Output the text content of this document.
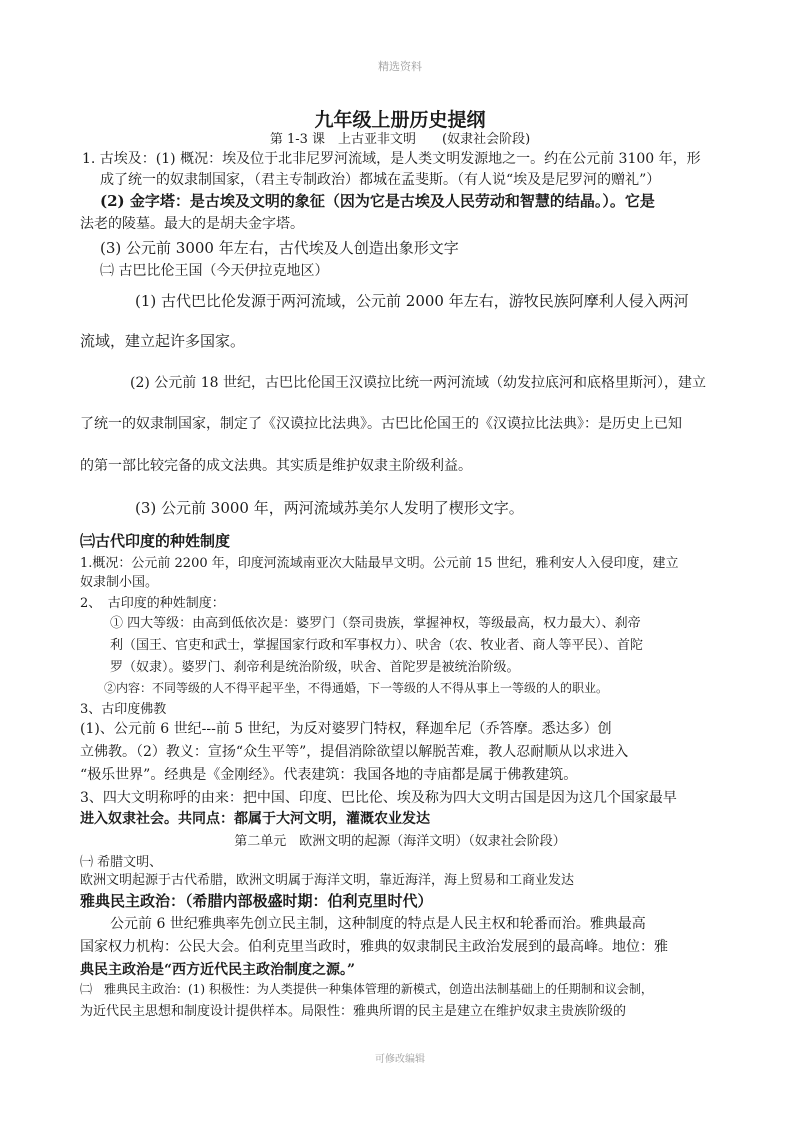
精选资料
九年级上册历史提纲
第 1-3 课　上古亚非文明　　(奴隶社会阶段)
1. 古埃及：(1) 概况：埃及位于北非尼罗河流域，是人类文明发源地之一。约在公元前 3100 年，形
成了统一的奴隶制国家，（君主专制政治）都城在孟斐斯。（有人说“埃及是尼罗河的赠礼”）
(2) 金字塔：是古埃及文明的象征（因为它是古埃及人民劳动和智慧的结晶。）。它是
法老的陵墓。最大的是胡夫金字塔。
(3) 公元前 3000 年左右，古代埃及人创造出象形文字
㈡ 古巴比伦王国（今天伊拉克地区）
(1) 古代巴比伦发源于两河流域，公元前 2000 年左右，游牧民族阿摩利人侵入两河
流域，建立起许多国家。
(2) 公元前 18 世纪，古巴比伦国王汉谟拉比统一两河流域（幼发拉底河和底格里斯河），建立
了统一的奴隶制国家，制定了《汉谟拉比法典》。古巴比伦国王的《汉谟拉比法典》：是历史上已知
的第一部比较完备的成文法典。其实质是维护奴隶主阶级利益。
(3) 公元前 3000 年，两河流域苏美尔人发明了楔形文字。
㈢古代印度的种姓制度
1.概况：公元前 2200 年，印度河流域南亚次大陆最早文明。公元前 15 世纪，雅利安人入侵印度，建立
奴隶制小国。
2、　古印度的种姓制度：
① 四大等级：由高到低依次是：婆罗门（祭司贵族，掌握神权，等级最高，权力最大）、刹帝
利（国王、官吏和武士，掌握国家行政和军事权力）、吠舍（农、牧业者、商人等平民）、首陀
罗（奴隶）。婆罗门、刹帝利是统治阶级，吠舍、首陀罗是被统治阶级。
②内容：不同等级的人不得平起平坐，不得通婚，下一等级的人不得从事上一等级的人的职业。
3、古印度佛教
(1)、公元前 6 世纪---前 5 世纪，为反对婆罗门特权，释迦牟尼（乔答摩。悉达多）创
立佛教。（2）教义：宣扬“众生平等”，提倡消除欲望以解脱苦难，教人忍耐顺从以求进入
“极乐世界”。经典是《金刚经》。代表建筑：我国各地的寺庙都是属于佛教建筑。
3、四大文明称呼的由来：把中国、印度、巴比伦、埃及称为四大文明古国是因为这几个国家最早
进入奴隶社会。共同点：都属于大河文明，灌溉农业发达
第二单元　欧洲文明的起源（海洋文明）（奴隶社会阶段）
㈠ 希腊文明、
欧洲文明起源于古代希腊，欧洲文明属于海洋文明，靠近海洋，海上贸易和工商业发达
雅典民主政治：（希腊内部极盛时期：伯利克里时代）
公元前 6 世纪雅典率先创立民主制，这种制度的特点是人民主权和轮番而治。雅典最高
国家权力机构：公民大会。伯利克里当政时，雅典的奴隶制民主政治发展到的最高峰。地位：雅
典民主政治是“西方近代民主政治制度之源。”
㈡　雅典民主政治：(1) 积极性：为人类提供一种集体管理的新模式，创造出法制基础上的任期制和议会制，
为近代民主思想和制度设计提供样本。局限性：雅典所谓的民主是建立在维护奴隶主贵族阶级的
可修改编辑
